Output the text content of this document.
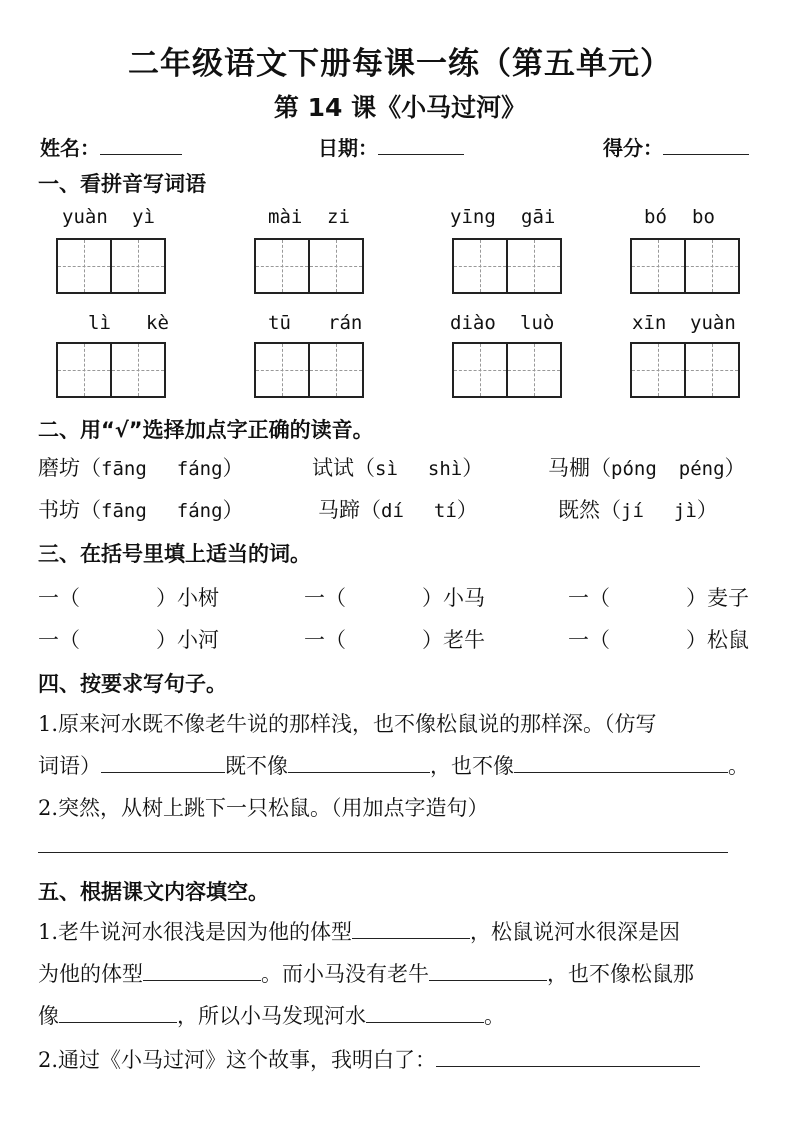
二年级语文下册每课一练（第五单元）
第 14 课《小马过河》
姓名：	日期：	得分：
一、看拼音写词语
yuàn yì	mài zi	yīng gāi	bó bo
lì kè	tū rán	diào luò	xīn yuàn
二、用“√”选择加点字正确的读音。
磨坊（fāng fáng）	试试（sì shì）	马棚（póng péng）
书坊（fāng fáng）	马蹄（dí tí）	既然（jí jì）
三、在括号里填上适当的词。
一（	）小树	一（	）小马	一（	）麦子
一（	）小河	一（	）老牛	一（	）松鼠
四、按要求写句子。
1.原来河水既不像老牛说的那样浅，也不像松鼠说的那样深。（仿写
词语）	既不像	，也不像	。
2.突然，从树上跳下一只松鼠。（用加点字造句）
五、根据课文内容填空。
1.老牛说河水很浅是因为他的体型	，松鼠说河水很深是因
为他的体型	。而小马没有老牛	，也不像松鼠那
像	，所以小马发现河水	。
2.通过《小马过河》这个故事，我明白了：
